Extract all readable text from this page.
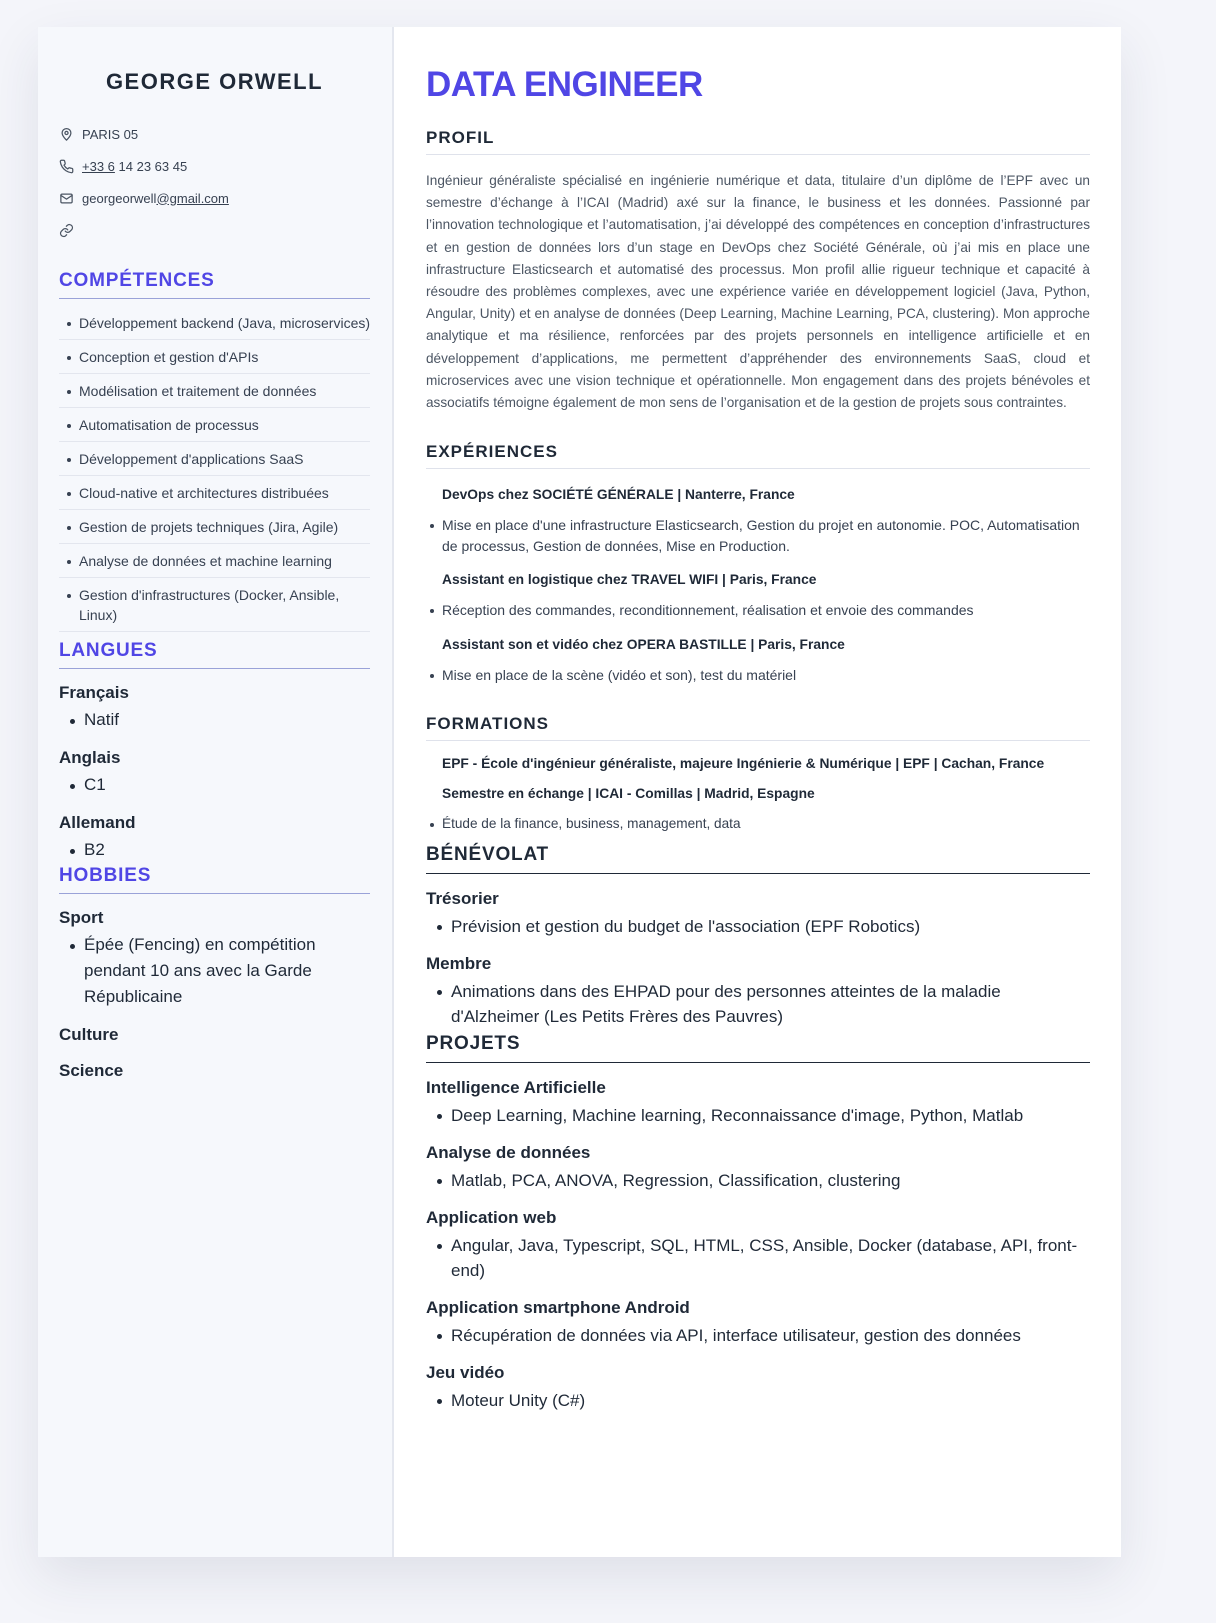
GEORGE ORWELL
PARIS 05
+33 6 14 23 63 45
georgeorwell@gmail.com
COMPÉTENCES
Développement backend (Java, microservices)
Conception et gestion d'APIs
Modélisation et traitement de données
Automatisation de processus
Développement d'applications SaaS
Cloud-native et architectures distribuées
Gestion de projets techniques (Jira, Agile)
Analyse de données et machine learning
Gestion d'infrastructures (Docker, Ansible, Linux)
LANGUES
Français
Natif
Anglais
C1
Allemand
B2
HOBBIES
Sport
Épée (Fencing) en compétition pendant 10 ans avec la Garde Républicaine
Culture
Science
DATA ENGINEER
PROFIL

Ingénieur généraliste spécialisé en ingénierie numérique et data, titulaire d’un diplôme de l’EPF avec un semestre d’échange à l’ICAI (Madrid) axé sur la finance, le business et les données. Passionné par l’innovation technologique et l’automatisation, j’ai développé des compétences en conception d’infrastructures et en gestion de données lors d’un stage en DevOps chez Société Générale, où j’ai mis en place une infrastructure Elasticsearch et automatisé des processus. Mon profil allie rigueur technique et capacité à résoudre des problèmes complexes, avec une expérience variée en développement logiciel (Java, Python, Angular, Unity) et en analyse de données (Deep Learning, Machine Learning, PCA, clustering). Mon approche analytique et ma résilience, renforcées par des projets personnels en intelligence artificielle et en développement d’applications, me permettent d’appréhender des environnements SaaS, cloud et microservices avec une vision technique et opérationnelle. Mon engagement dans des projets bénévoles et associatifs témoigne également de mon sens de l’organisation et de la gestion de projets sous contraintes.

EXPÉRIENCES
DevOps chez SOCIÉTÉ GÉNÉRALE | Nanterre, France
Mise en place d'une infrastructure Elasticsearch, Gestion du projet en autonomie. POC, Automatisation de processus, Gestion de données, Mise en Production.
Assistant en logistique chez TRAVEL WIFI | Paris, France
Réception des commandes, reconditionnement, réalisation et envoie des commandes
Assistant son et vidéo chez OPERA BASTILLE | Paris, France
Mise en place de la scène (vidéo et son), test du matériel
FORMATIONS
EPF - École d'ingénieur généraliste, majeure Ingénierie & Numérique | EPF | Cachan, France
Semestre en échange | ICAI - Comillas | Madrid, Espagne
Étude de la finance, business, management, data
BÉNÉVOLAT
Trésorier
Prévision et gestion du budget de l'association (EPF Robotics)
Membre
Animations dans des EHPAD pour des personnes atteintes de la maladie d'Alzheimer (Les Petits Frères des Pauvres)
PROJETS
Intelligence Artificielle
Deep Learning, Machine learning, Reconnaissance d'image, Python, Matlab
Analyse de données
Matlab, PCA, ANOVA, Regression, Classification, clustering
Application web
Angular, Java, Typescript, SQL, HTML, CSS, Ansible, Docker (database, API, front-end)
Application smartphone Android
Récupération de données via API, interface utilisateur, gestion des données
Jeu vidéo
Moteur Unity (C#)
